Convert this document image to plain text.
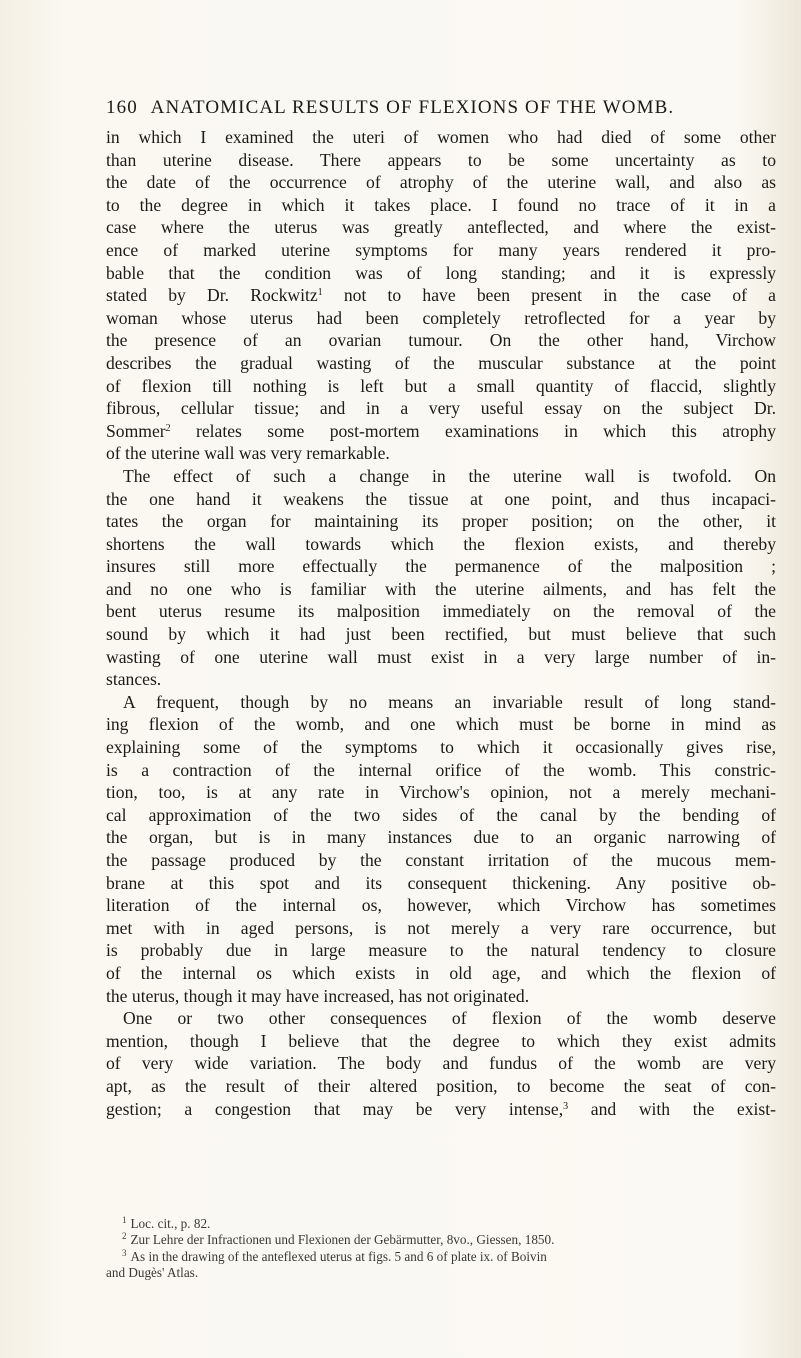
160 ANATOMICAL RESULTS OF FLEXIONS OF THE WOMB.
in which I examined the uteri of women who had died of some other
than uterine disease. There appears to be some uncertainty as to
the date of the occurrence of atrophy of the uterine wall, and also as
to the degree in which it takes place. I found no trace of it in a
case where the uterus was greatly anteflected, and where the exist-
ence of marked uterine symptoms for many years rendered it pro-
bable that the condition was of long standing; and it is expressly
stated by Dr. Rockwitz$^1$ not to have been present in the case of a
woman whose uterus had been completely retroflected for a year by
the presence of an ovarian tumour. On the other hand, Virchow
describes the gradual wasting of the muscular substance at the point
of flexion till nothing is left but a small quantity of flaccid, slightly
fibrous, cellular tissue; and in a very useful essay on the subject Dr.
Sommer$^2$ relates some post-mortem examinations in which this atrophy
of the uterine wall was very remarkable.
The effect of such a change in the uterine wall is twofold. On
the one hand it weakens the tissue at one point, and thus incapaci-
tates the organ for maintaining its proper position; on the other, it
shortens the wall towards which the flexion exists, and thereby
insures still more effectually the permanence of the malposition ;
and no one who is familiar with the uterine ailments, and has felt the
bent uterus resume its malposition immediately on the removal of the
sound by which it had just been rectified, but must believe that such
wasting of one uterine wall must exist in a very large number of in-
stances.
A frequent, though by no means an invariable result of long stand-
ing flexion of the womb, and one which must be borne in mind as
explaining some of the symptoms to which it occasionally gives rise,
is a contraction of the internal orifice of the womb. This constric-
tion, too, is at any rate in Virchow's opinion, not a merely mechani-
cal approximation of the two sides of the canal by the bending of
the organ, but is in many instances due to an organic narrowing of
the passage produced by the constant irritation of the mucous mem-
brane at this spot and its consequent thickening. Any positive ob-
literation of the internal os, however, which Virchow has sometimes
met with in aged persons, is not merely a very rare occurrence, but
is probably due in large measure to the natural tendency to closure
of the internal os which exists in old age, and which the flexion of
the uterus, though it may have increased, has not originated.
One or two other consequences of flexion of the womb deserve
mention, though I believe that the degree to which they exist admits
of very wide variation. The body and fundus of the womb are very
apt, as the result of their altered position, to become the seat of con-
gestion; a congestion that may be very intense,$^3$ and with the exist-
$^1$ Loc. cit., p. 82.
$^2$ Zur Lehre der Infractionen und Flexionen der Gebärmutter, 8vo., Giessen, 1850.
$^3$ As in the drawing of the anteflexed uterus at figs. 5 and 6 of plate ix. of Boivin
and Dugès' Atlas.
